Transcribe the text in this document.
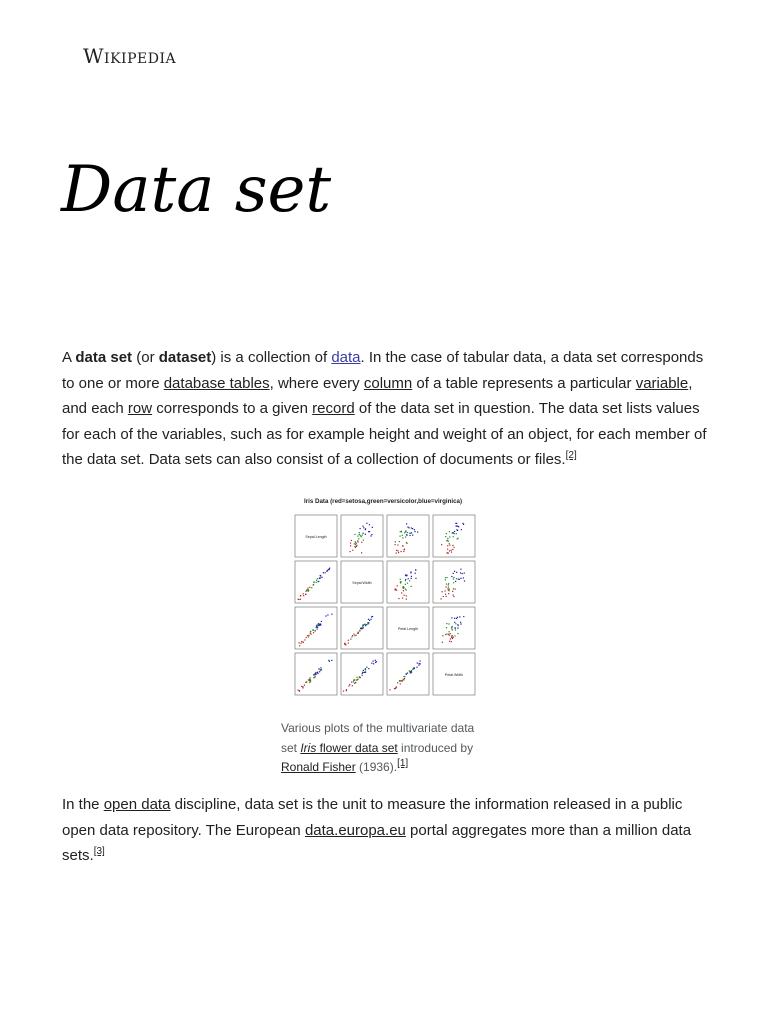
Wikipedia
Data set

A data set (or dataset) is a collection of data. In the case of tabular data, a data set corresponds to one or more database tables, where every column of a table represents a particular variable, and each row corresponds to a given record of the data set in question. The data set lists values for each of the variables, such as for example height and weight of an object, for each member of the data set. Data sets can also consist of a collection of documents or files.[2]

Iris Data (red=setosa,green=versicolor,blue=virginica)
Sepal.Length
Sepal.Width
Petal.Length
Petal.Width
Various plots of the multivariate data set Iris flower data set introduced by Ronald Fisher (1936).[1]

In the open data discipline, data set is the unit to measure the information released in a public open data repository. The European data.europa.eu portal aggregates more than a million data sets.[3]
